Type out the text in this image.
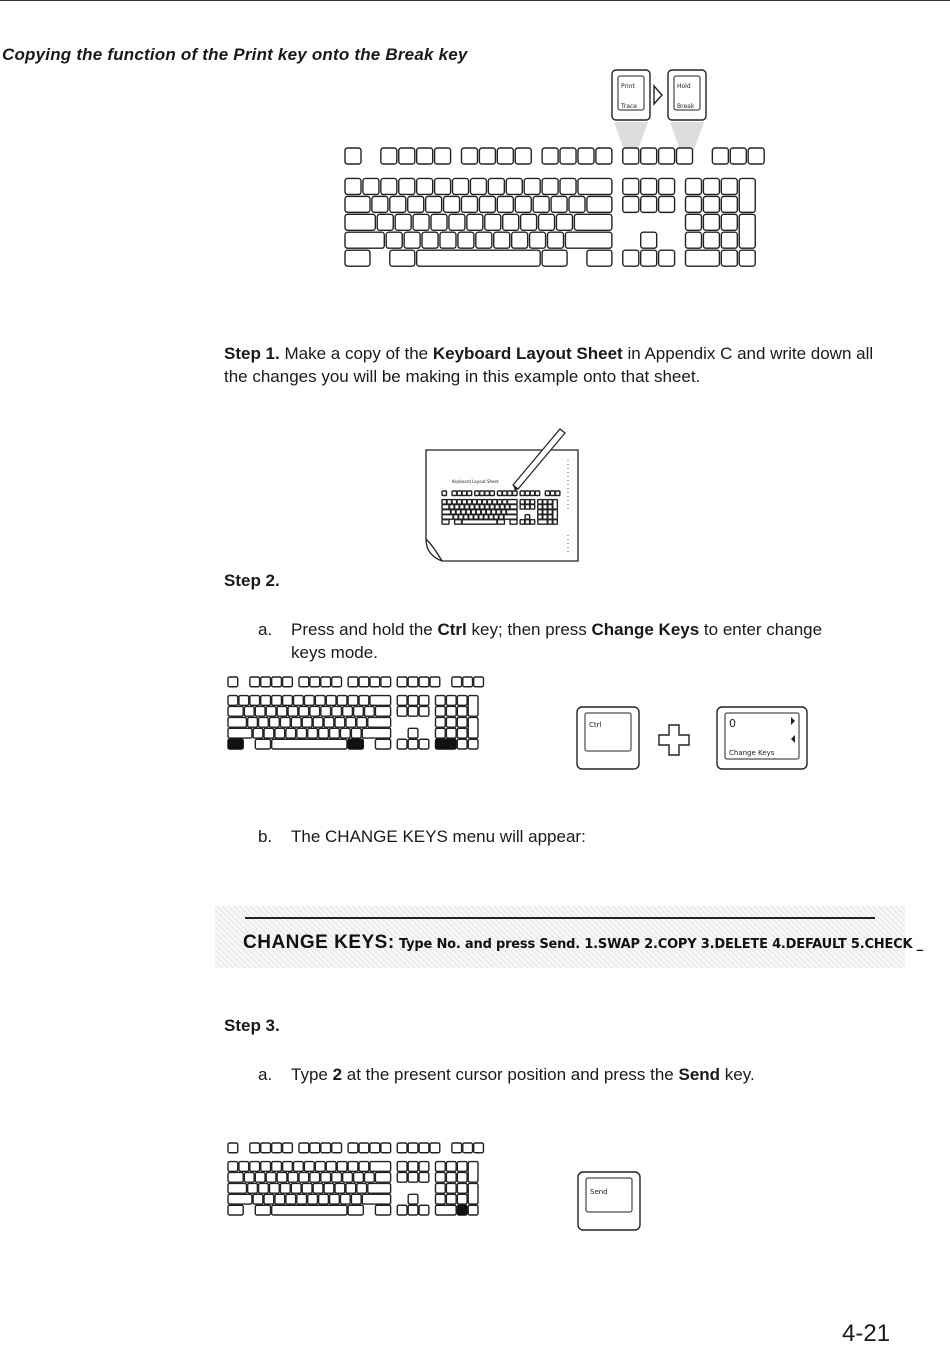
Copying the function of the Print key onto the Break key
Print
Trace
Hold
Break
Step 1. Make a copy of the Keyboard Layout Sheet in Appendix C and write down all the changes you will be making in this example onto that sheet.
Keyboard Layout Sheet
Step 2.
a. Press and hold the Ctrl key; then press Change Keys to enter change keys mode.
Ctrl	0
Change Keys
b. The CHANGE KEYS menu will appear:
CHANGE KEYS: Type No. and press Send. 1.SWAP 2.COPY 3.DELETE 4.DEFAULT 5.CHECK _
Step 3.
a. Type 2 at the present cursor position and press the Send key.
Send
4-21
